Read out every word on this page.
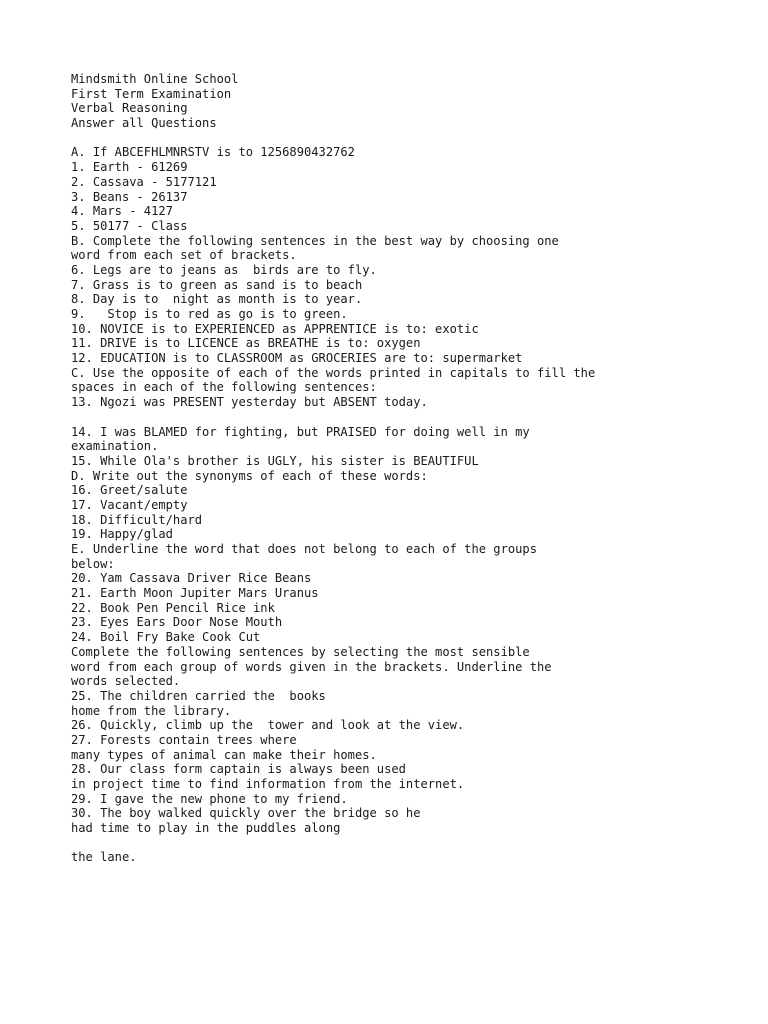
Mindsmith Online School
First Term Examination
Verbal Reasoning
Answer all Questions
A. If ABCEFHLMNRSTV is to 1256890432762
1. Earth - 61269
2. Cassava - 5177121
3. Beans - 26137
4. Mars - 4127
5. 50177 - Class
B. Complete the following sentences in the best way by choosing one
word from each set of brackets.
6. Legs are to jeans as  birds are to fly.
7. Grass is to green as sand is to beach
8. Day is to  night as month is to year.
9.   Stop is to red as go is to green.
10. NOVICE is to EXPERIENCED as APPRENTICE is to: exotic
11. DRIVE is to LICENCE as BREATHE is to: oxygen
12. EDUCATION is to CLASSROOM as GROCERIES are to: supermarket
C. Use the opposite of each of the words printed in capitals to fill the
spaces in each of the following sentences:
13. Ngozi was PRESENT yesterday but ABSENT today.
14. I was BLAMED for fighting, but PRAISED for doing well in my
examination.
15. While Ola's brother is UGLY, his sister is BEAUTIFUL
D. Write out the synonyms of each of these words:
16. Greet/salute
17. Vacant/empty
18. Difficult/hard
19. Happy/glad
E. Underline the word that does not belong to each of the groups
below:
20. Yam Cassava Driver Rice Beans
21. Earth Moon Jupiter Mars Uranus
22. Book Pen Pencil Rice ink
23. Eyes Ears Door Nose Mouth
24. Boil Fry Bake Cook Cut
Complete the following sentences by selecting the most sensible
word from each group of words given in the brackets. Underline the
words selected.
25. The children carried the  books
home from the library.
26. Quickly, climb up the  tower and look at the view.
27. Forests contain trees where
many types of animal can make their homes.
28. Our class form captain is always been used
in project time to find information from the internet.
29. I gave the new phone to my friend.
30. The boy walked quickly over the bridge so he
had time to play in the puddles along
the lane.
